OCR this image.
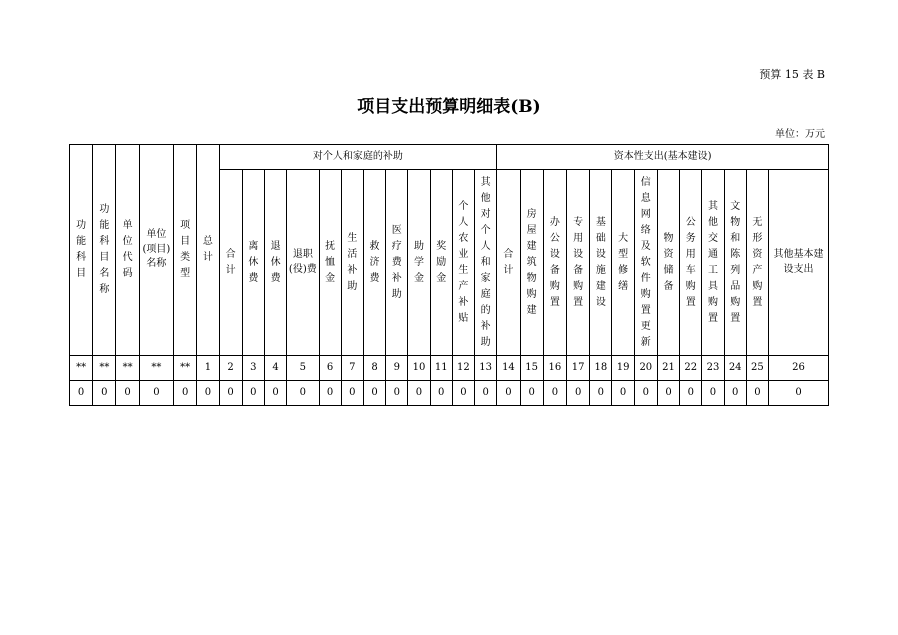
预算 15 表 B
项目支出预算明细表(B)
单位：万元
功能科目	功能科目名称	单位代码	单位(项目)名称	项目类型	总计	对个人和家庭的补助												资本性支出(基本建设)												

						合计	离休费	退休费	退职(役)费	抚恤金	生活补助	救济费	医疗费补助	助学金	奖励金	个人农业生产补贴	其他对个人和家庭的补助	合计	房屋建筑物购建	办公设备购置	专用设备购置	基础设施建设	大型修缮	信息网络及软件购置更新	物资储备	公务用车购置	其他交通工具购置	文物和陈列品购置	无形资产购置	其他基本建设支出

**	**	**	**	**	1	2	3	4	5	6	7	8	9	10	11	12	13	14	15	16	17	18	19	20	21	22	23	24	25	26
0	0	0	0	0	0	0	0	0	0	0	0	0	0	0	0	0	0	0	0	0	0	0	0	0	0	0	0	0	0	0
